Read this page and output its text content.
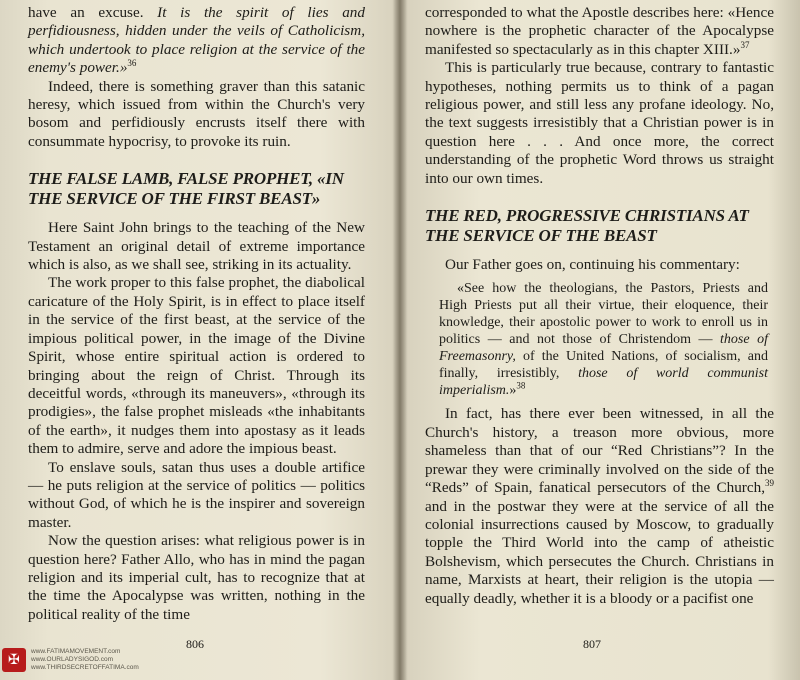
have an excuse. It is the spirit of lies and perfidiousness, hidden under the veils of Catholicism, which undertook to place religion at the service of the enemy's power.»$^{36}$

Indeed, there is something graver than this satanic heresy, which issued from within the Church's very bosom and perfidiously encrusts itself there with consummate hypocrisy, to provoke its ruin.

THE FALSE LAMB, FALSE PROPHET, «IN THE SERVICE OF THE FIRST BEAST»

Here Saint John brings to the teaching of the New Testament an original detail of extreme importance which is also, as we shall see, striking in its actuality.

The work proper to this false prophet, the diabolical caricature of the Holy Spirit, is in effect to place itself in the service of the first beast, at the service of the impious political power, in the image of the Divine Spirit, whose entire spiritual action is ordered to bringing about the reign of Christ. Through its deceitful words, «through its maneuvers», «through its prodigies», the false prophet misleads «the inhabitants of the earth», it nudges them into apostasy as it leads them to admire, serve and adore the impious beast.

To enslave souls, satan thus uses a double artifice — he puts religion at the service of politics — politics without God, of which he is the inspirer and sovereign master.

Now the question arises: what religious power is in question here? Father Allo, who has in mind the pagan religion and its imperial cult, has to recognize that at the time the Apocalypse was written, nothing in the political reality of the time

806

corresponded to what the Apostle describes here: «Hence nowhere is the prophetic character of the Apocalypse manifested so spectacularly as in this chapter XIII.»$^{37}$

This is particularly true because, contrary to fantastic hypotheses, nothing permits us to think of a pagan religious power, and still less any profane ideology. No, the text suggests irresistibly that a Christian power is in question here . . . And once more, the correct understanding of the prophetic Word throws us straight into our own times.

THE RED, PROGRESSIVE CHRISTIANS AT THE SERVICE OF THE BEAST

Our Father goes on, continuing his commentary:

«See how the theologians, the Pastors, Priests and High Priests put all their virtue, their eloquence, their knowledge, their apostolic power to work to enroll us in politics — and not those of Christendom — those of Freemasonry, of the United Nations, of socialism, and finally, irresistibly, those of world communist imperialism.»$^{38}$

In fact, has there ever been witnessed, in all the Church's history, a treason more obvious, more shameless than that of our “Red Christians”? In the prewar they were criminally involved on the side of the “Reds” of Spain, fanatical persecutors of the Church,$^{39}$ and in the postwar they were at the service of all the colonial insurrections caused by Moscow, to gradually topple the Third World into the camp of atheistic Bolshevism, which persecutes the Church. Christians in name, Marxists at heart, their religion is the utopia — equally deadly, whether it is a bloody or a pacifist one

807
✠
www.FATIMAMOVEMENT.com
www.OURLADYSIGOD.com
www.THIRDSECRETOFFATIMA.com
